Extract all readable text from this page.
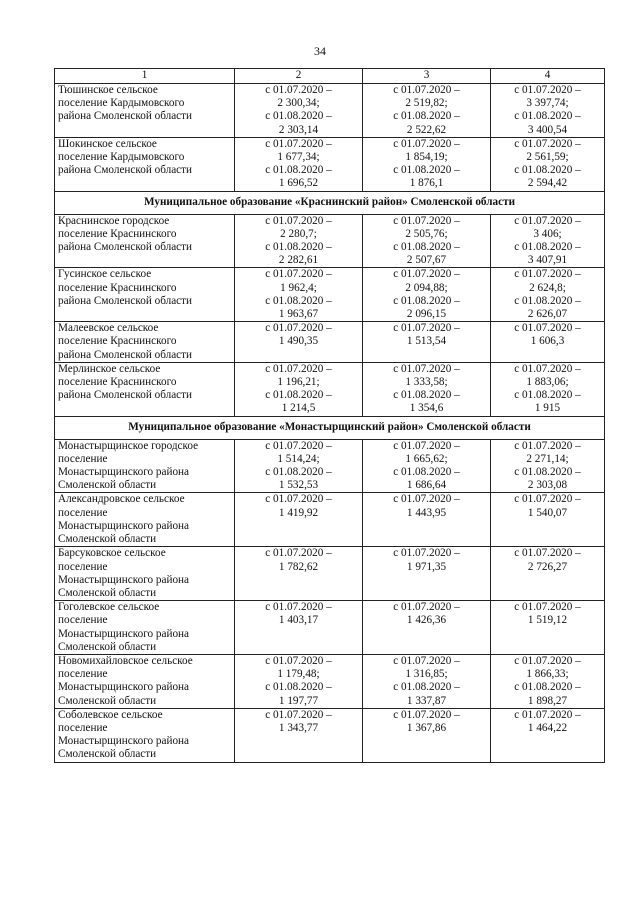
34
1	2	3	4

Тюшинское сельское
поселение Кардымовского
района Смоленской области	с 01.07.2020 –
2 300,34;
с 01.08.2020 –
2 303,14	с 01.07.2020 –
2 519,82;
с 01.08.2020 –
2 522,62	с 01.07.2020 –
3 397,74;
с 01.08.2020 –
3 400,54

Шокинское сельское
поселение Кардымовского
района Смоленской области	с 01.07.2020 –
1 677,34;
с 01.08.2020 –
1 696,52	с 01.07.2020 –
1 854,19;
с 01.08.2020 –
1 876,1	с 01.07.2020 –
2 561,59;
с 01.08.2020 –
2 594,42

Муниципальное образование «Краснинский район» Смоленской области			

Краснинское городское
поселение Краснинского
района Смоленской области	с 01.07.2020 –
2 280,7;
с 01.08.2020 –
2 282,61	с 01.07.2020 –
2 505,76;
с 01.08.2020 –
2 507,67	с 01.07.2020 –
3 406;
с 01.08.2020 –
3 407,91

Гусинское сельское
поселение Краснинского
района Смоленской области	с 01.07.2020 –
1 962,4;
с 01.08.2020 –
1 963,67	с 01.07.2020 –
2 094,88;
с 01.08.2020 –
2 096,15	с 01.07.2020 –
2 624,8;
с 01.08.2020 –
2 626,07

Малеевское сельское
поселение Краснинского
района Смоленской области	с 01.07.2020 –
1 490,35	с 01.07.2020 –
1 513,54	с 01.07.2020 –
1 606,3

Мерлинское сельское
поселение Краснинского
района Смоленской области	с 01.07.2020 –
1 196,21;
с 01.08.2020 –
1 214,5	с 01.07.2020 –
1 333,58;
с 01.08.2020 –
1 354,6	с 01.07.2020 –
1 883,06;
с 01.08.2020 –
1 915

Муниципальное образование «Монастырщинский район» Смоленской области			

Монастырщинское городское
поселение
Монастырщинского района
Смоленской области	с 01.07.2020 –
1 514,24;
с 01.08.2020 –
1 532,53	с 01.07.2020 –
1 665,62;
с 01.08.2020 –
1 686,64	с 01.07.2020 –
2 271,14;
с 01.08.2020 –
2 303,08

Александровское сельское
поселение
Монастырщинского района
Смоленской области	с 01.07.2020 –
1 419,92	с 01.07.2020 –
1 443,95	с 01.07.2020 –
1 540,07

Барсуковское сельское
поселение
Монастырщинского района
Смоленской области	с 01.07.2020 –
1 782,62	с 01.07.2020 –
1 971,35	с 01.07.2020 –
2 726,27

Гоголевское сельское
поселение
Монастырщинского района
Смоленской области	с 01.07.2020 –
1 403,17	с 01.07.2020 –
1 426,36	с 01.07.2020 –
1 519,12

Новомихайловское сельское
поселение
Монастырщинского района
Смоленской области	с 01.07.2020 –
1 179,48;
с 01.08.2020 –
1 197,77	с 01.07.2020 –
1 316,85;
с 01.08.2020 –
1 337,87	с 01.07.2020 –
1 866,33;
с 01.08.2020 –
1 898,27

Соболевское сельское
поселение
Монастырщинского района
Смоленской области	с 01.07.2020 –
1 343,77	с 01.07.2020 –
1 367,86	с 01.07.2020 –
1 464,22
